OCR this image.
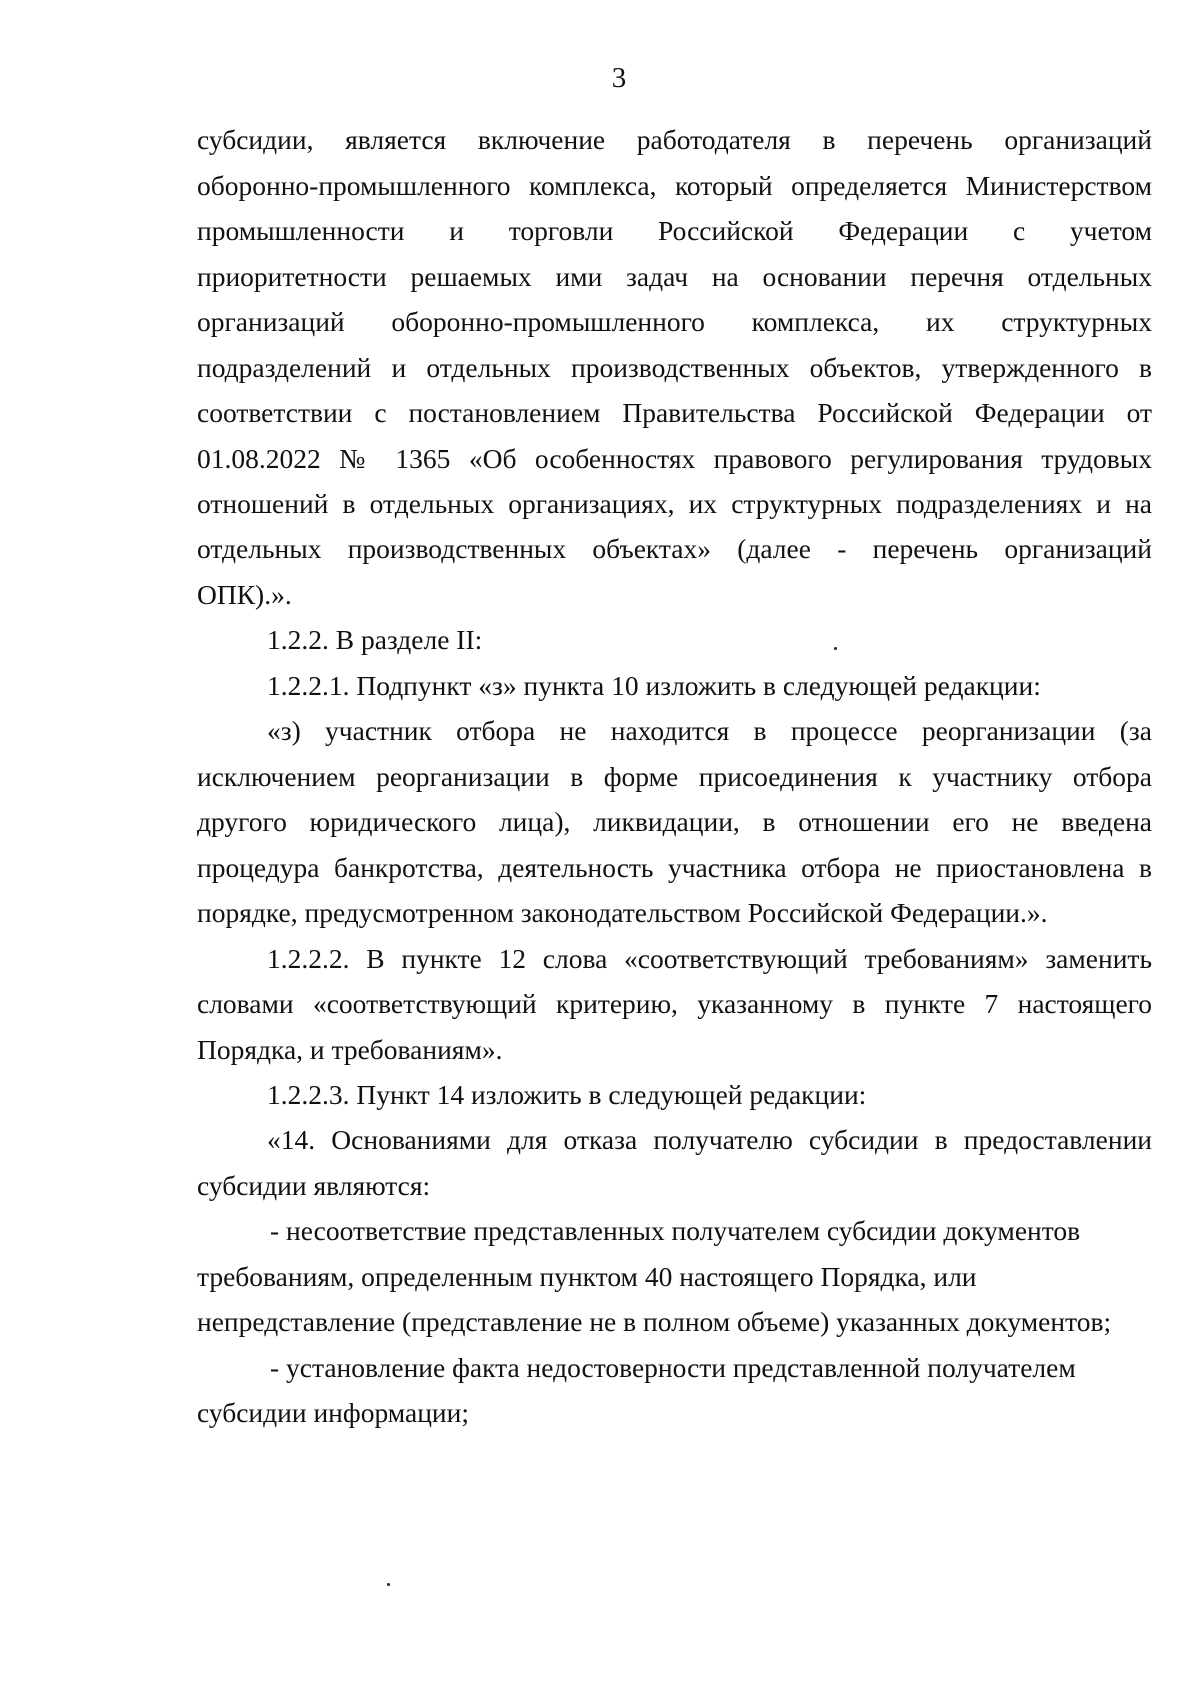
3
субсидии, является включение работодателя в перечень организаций
оборонно-промышленного комплекса, который определяется Министерством
промышленности и торговли Российской Федерации с учетом
приоритетности решаемых ими задач на основании перечня отдельных
организаций оборонно-промышленного комплекса, их структурных
подразделений и отдельных производственных объектов, утвержденного в
соответствии с постановлением Правительства Российской Федерации от
01.08.2022 № 1365 «Об особенностях правового регулирования трудовых
отношений в отдельных организациях, их структурных подразделениях и на
отдельных производственных объектах» (далее - перечень организаций
ОПК).».
1.2.2. В разделе II:
1.2.2.1. Подпункт «з» пункта 10 изложить в следующей редакции:
«з) участник отбора не находится в процессе реорганизации (за
исключением реорганизации в форме присоединения к участнику отбора
другого юридического лица), ликвидации, в отношении его не введена
процедура банкротства, деятельность участника отбора не приостановлена в
порядке, предусмотренном законодательством Российской Федерации.».
1.2.2.2. В пункте 12 слова «соответствующий требованиям» заменить
словами «соответствующий критерию, указанному в пункте 7 настоящего
Порядка, и требованиям».
1.2.2.3. Пункт 14 изложить в следующей редакции:
«14. Основаниями для отказа получателю субсидии в предоставлении
субсидии являются:
- несоответствие представленных получателем субсидии документов
требованиям, определенным пунктом 40 настоящего Порядка, или
непредставление (представление не в полном объеме) указанных документов;
- установление факта недостоверности представленной получателем
субсидии информации;
